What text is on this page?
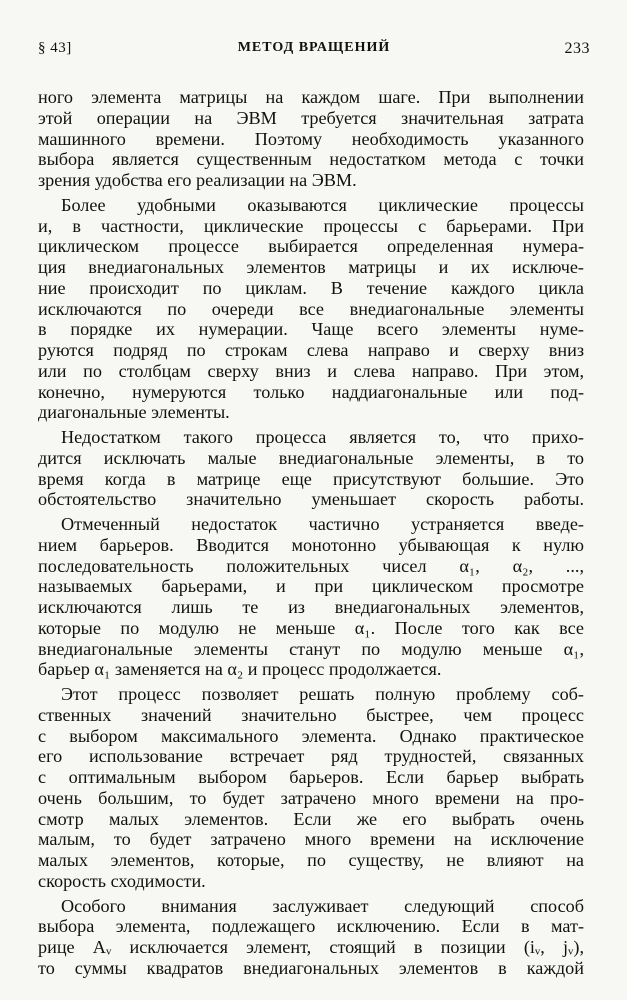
§ 43]	МЕТОД ВРАЩЕНИЙ	233
ного элемента матрицы на каждом шаге. При выполнении
этой операции на ЭВМ требуется значительная затрата
машинного времени. Поэтому необходимость указанного
выбора является существенным недостатком метода с точки
зрения удобства его реализации на ЭВМ.
Более удобными оказываются циклические процессы
и, в частности, циклические процессы с барьерами. При
циклическом процессе выбирается определенная нумера-
ция внедиагональных элементов матрицы и их исключе-
ние происходит по циклам. В течение каждого цикла
исключаются по очереди все внедиагональные элементы
в порядке их нумерации. Чаще всего элементы нуме-
руются подряд по строкам слева направо и сверху вниз
или по столбцам сверху вниз и слева направо. При этом,
конечно, нумеруются только наддиагональные или под-
диагональные элементы.
Недостатком такого процесса является то, что прихо-
дится исключать малые внедиагональные элементы, в то
время когда в матрице еще присутствуют большие. Это
обстоятельство значительно уменьшает скорость работы.
Отмеченный недостаток частично устраняется введе-
нием барьеров. Вводится монотонно убывающая к нулю
последовательность положительных чисел α₁, α₂, ...,
называемых барьерами, и при циклическом просмотре
исключаются лишь те из внедиагональных элементов,
которые по модулю не меньше α₁. После того как все
внедиагональные элементы станут по модулю меньше α₁,
барьер α₁ заменяется на α₂ и процесс продолжается.
Этот процесс позволяет решать полную проблему соб-
ственных значений значительно быстрее, чем процесс
с выбором максимального элемента. Однако практическое
его использование встречает ряд трудностей, связанных
с оптимальным выбором барьеров. Если барьер выбрать
очень большим, то будет затрачено много времени на про-
смотр малых элементов. Если же его выбрать очень
малым, то будет затрачено много времени на исключение
малых элементов, которые, по существу, не влияют на
скорость сходимости.
Особого внимания заслуживает следующий способ
выбора элемента, подлежащего исключению. Если в мат-
рице Aᵥ исключается элемент, стоящий в позиции (iᵥ, jᵥ),
то суммы квадратов внедиагональных элементов в каждой
